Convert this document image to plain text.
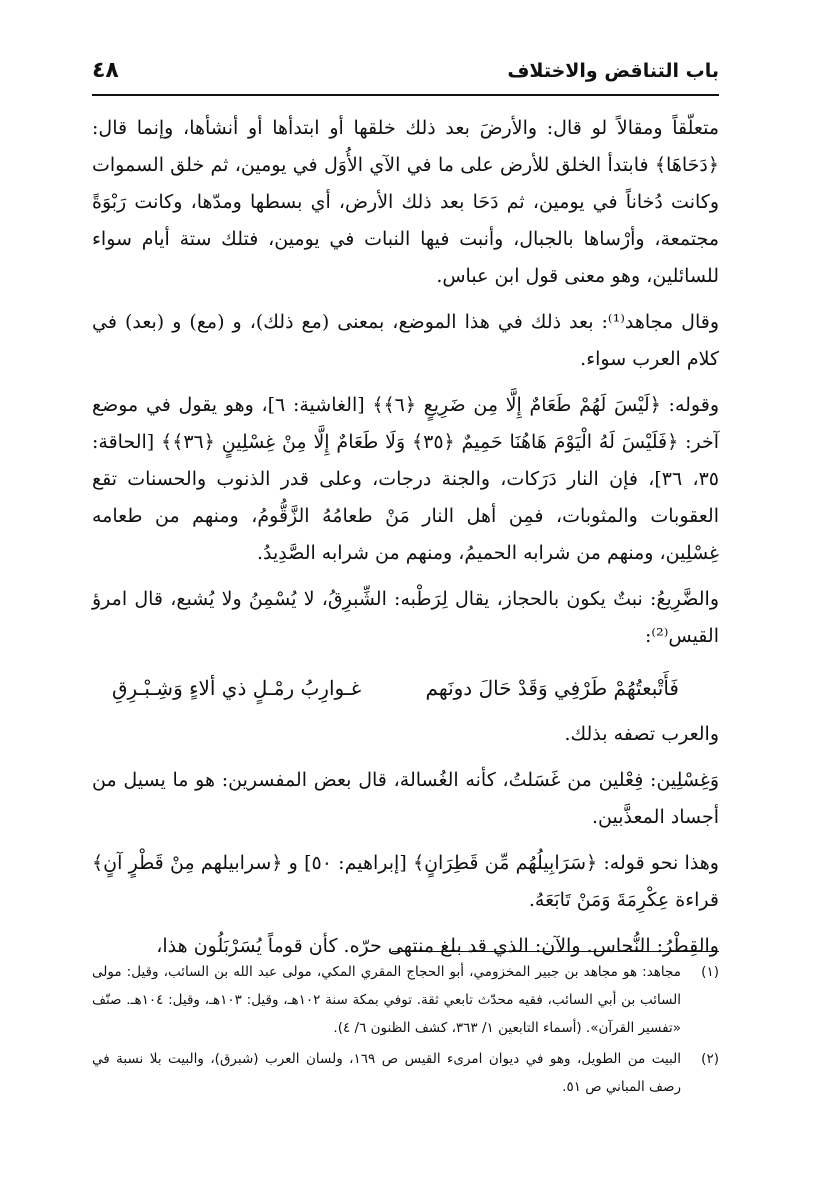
باب التناقض والاختلاف
٤٨

متعلّقاً ومقالاً لو قال: والأرضَ بعد ذلك خلقها أو ابتدأها أو أنشأها، وإنما قال: ﴿دَحَاهَا﴾ فابتدأ الخلق للأرض على ما في الآي الأُوَل في يومين، ثم خلق السموات وكانت دُخاناً في يومين، ثم دَحَا بعد ذلك الأرض، أي بسطها ومدّها، وكانت رَبْوَةً مجتمعة، وأرْساها بالجبال، وأنبت فيها النبات في يومين، فتلك ستة أيام سواء للسائلين، وهو معنى قول ابن عباس.

وقال مجاهد⁽¹⁾: بعد ذلك في هذا الموضع، بمعنى (مع ذلك)، و (مع) و (بعد) في كلام العرب سواء.

وقوله: ﴿لَيْسَ لَهُمْ طَعَامٌ إِلَّا مِن ضَرِيعٍ ﴿٦﴾﴾ [الغاشية: ٦]، وهو يقول في موضع آخر: ﴿فَلَيْسَ لَهُ الْيَوْمَ هَاهُنَا حَمِيمٌ ﴿٣٥﴾ وَلَا طَعَامٌ إِلَّا مِنْ غِسْلِينٍ ﴿٣٦﴾﴾ [الحاقة: ٣٥، ٣٦]، فإن النار دَرَكات، والجنة درجات، وعلى قدر الذنوب والحسنات تقع العقوبات والمثوبات، فمِن أهل النار مَنْ طعامُهُ الزَّقُّومُ، ومنهم من طعامه غِسْلِين، ومنهم من شرابه الحميمُ، ومنهم من شرابه الصَّدِيدُ.

والضَّرِيعُ: نبتٌ يكون بالحجاز، يقال لِرَطْبه: الشِّبرِقُ، لا يُسْمِنُ ولا يُشبع، قال امرؤ القيس⁽²⁾:

فَأَتْبعتُهُمْ طَرْفِي وَقَدْ حَالَ دونَهم
غـوارِبُ رمْـلٍ ذي ألاءٍ وَشِـبْـرِقِ

والعرب تصفه بذلك.

وَغِسْلِين: فِعْلين من غَسَلتُ، كأنه الغُسالة، قال بعض المفسرين: هو ما يسيل من أجساد المعذَّبين.

وهذا نحو قوله: ﴿سَرَابِيلُهُم مِّن قَطِرَانٍ﴾ [إبراهيم: ٥٠] و ﴿سرابيلهم مِنْ قَطْرٍ آنٍ﴾ قراءة عِكْرِمَةَ وَمَنْ تَابَعَهُ.

والقِطْرُ: النُّحاس. والآن: الذي قد بلغ منتهى حرّه. كأن قوماً يُسَرْبَلُون هذا،

(١)
مجاهد: هو مجاهد بن جبير المخزومي، أبو الحجاج المقري المكي، مولى عبد الله بن السائب، وقيل: مولى السائب بن أبي السائب، فقيه محدّث تابعي ثقة. توفي بمكة سنة ١٠٢هـ، وقيل: ١٠٣هـ، وقيل: ١٠٤هـ. صنّف «تفسير القرآن». (أسماء التابعين ١/ ٣٦٣، كشف الظنون ٦/ ٤).
(٢)
البيت من الطويل، وهو في ديوان امرىء القيس ص ١٦٩، ولسان العرب (شبرق)، والبيت بلا نسبة في رصف المباني ص ٥١.
